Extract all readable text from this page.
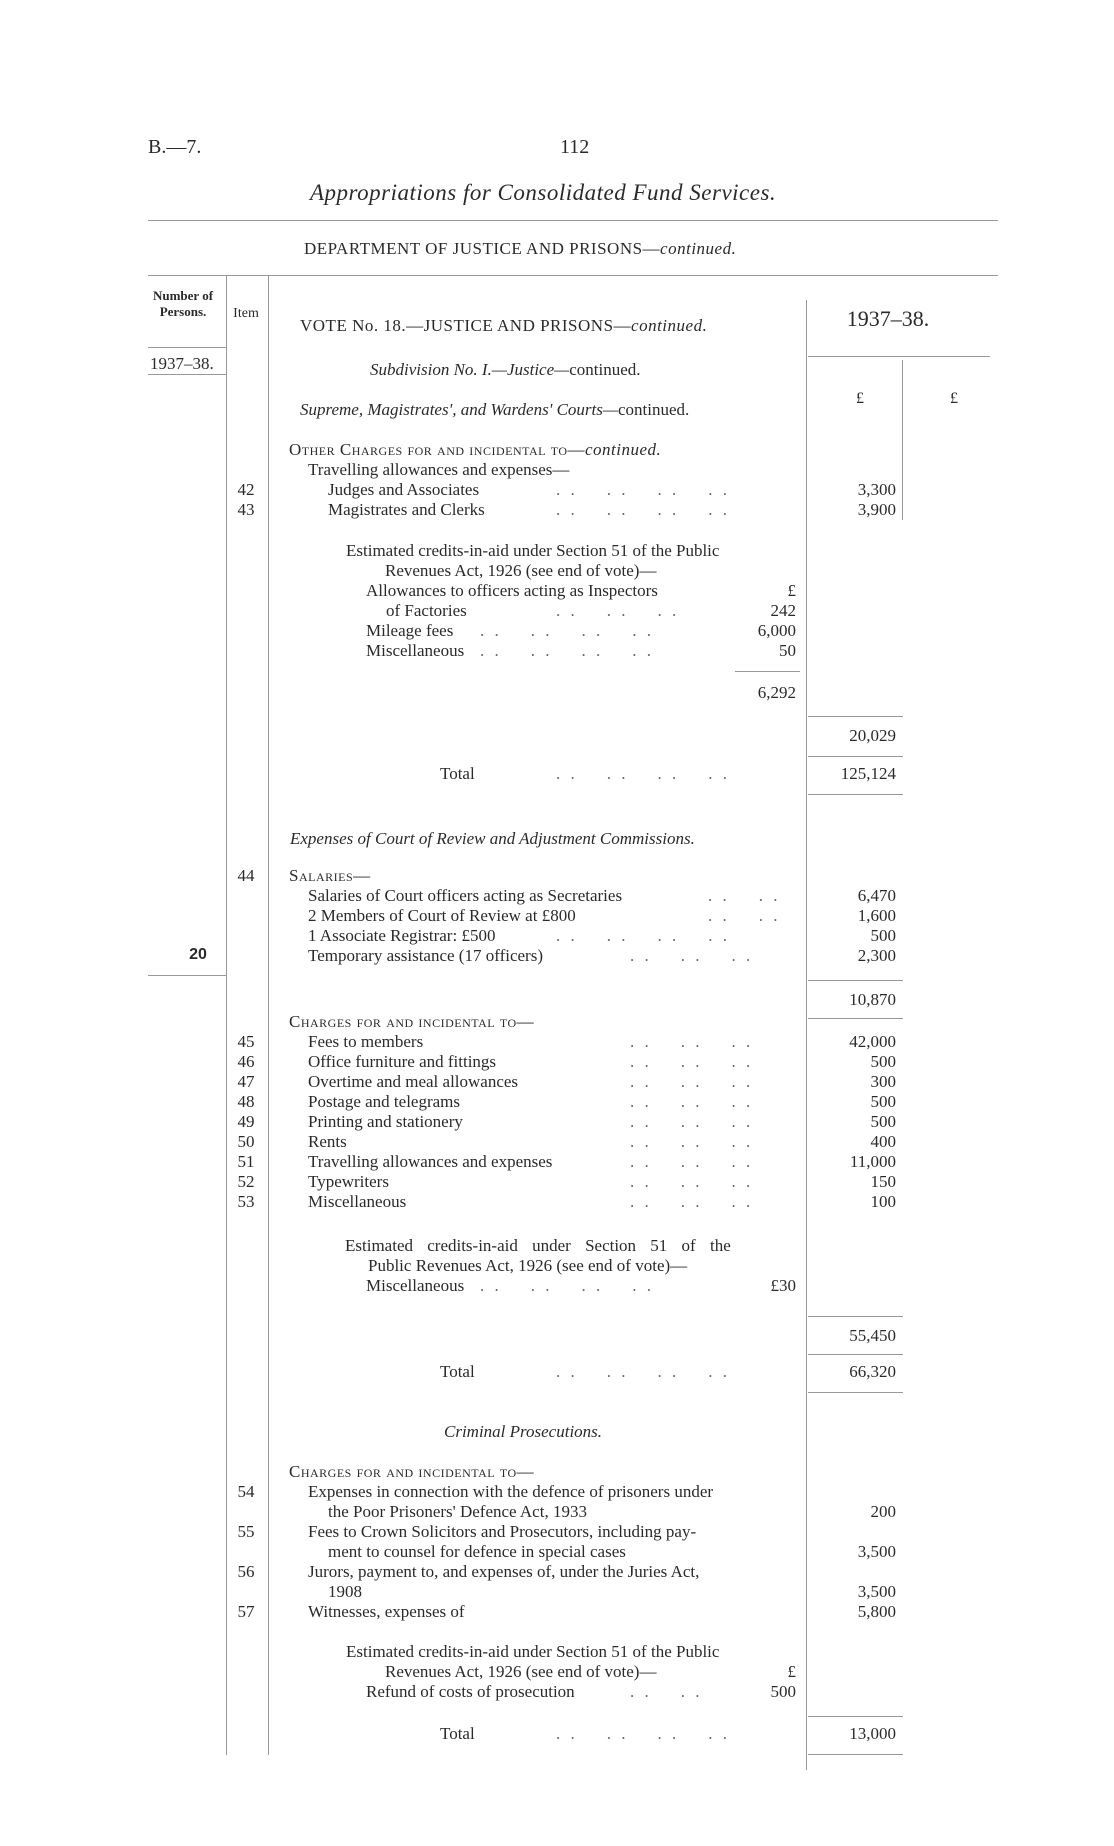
B.—7.	112
Appropriations for Consolidated Fund Services.
DEPARTMENT OF JUSTICE AND PRISONS—continued.
Number of Persons.	Item
VOTE No. 18.—JUSTICE AND PRISONS—continued.	1937–38.
1937–38.
£	£
Subdivision No. I.—Justice—continued.
Supreme, Magistrates', and Wardens' Courts—continued.
Other Charges for and incidental to—continued.
Travelling allowances and expenses—
42	Judges and Associates	. .    . .    . .    . .	3,300
43	Magistrates and Clerks	. .    . .    . .    . .	3,900
Estimated credits-in-aid under Section 51 of the Public
Revenues Act, 1926 (see end of vote)—
£
Allowances to officers acting as Inspectors
of Factories	. .    . .    . .	242
Mileage fees . .    . .    . .    . .	6,000
Miscellaneous . .    . .    . .    . .	50
6,292
20,029
Total	. .    . .    . .    . .	125,124
Expenses of Court of Review and Adjustment Commissions.
44	Salaries—
Salaries of Court officers acting as Secretaries	. .    . .	6,470
2 Members of Court of Review at £800	. .    . .	1,600
1 Associate Registrar: £500	. .    . .    . .    . .	500
20	Temporary assistance (17 officers)	. .    . .    . .	2,300
10,870
Charges for and incidental to—
45	Fees to members	. .    . .    . .	42,000
46	Office furniture and fittings	. .    . .    . .	500
47	Overtime and meal allowances	. .    . .    . .	300
48	Postage and telegrams	. .    . .    . .	500
49	Printing and stationery	. .    . .    . .	500
50	Rents	. .    . .    . .	400
51	Travelling allowances and expenses	. .    . .    . .	11,000
52	Typewriters	. .    . .    . .	150
53	Miscellaneous	. .    . .    . .	100
Estimated credits-in-aid under Section 51 of the
Public Revenues Act, 1926 (see end of vote)—
Miscellaneous . .    . .    . .    . .	£30
55,450
Total	. .    . .    . .    . .	66,320
Criminal Prosecutions.
Charges for and incidental to—
54	Expenses in connection with the defence of prisoners under
the Poor Prisoners' Defence Act, 1933	200
55	Fees to Crown Solicitors and Prosecutors, including pay-
ment to counsel for defence in special cases	3,500
56	Jurors, payment to, and expenses of, under the Juries Act,
1908	3,500
57	Witnesses, expenses of	5,800
Estimated credits-in-aid under Section 51 of the Public
Revenues Act, 1926 (see end of vote)—	£
Refund of costs of prosecution	. .    . .	500
Total	. .    . .    . .    . .	13,000
